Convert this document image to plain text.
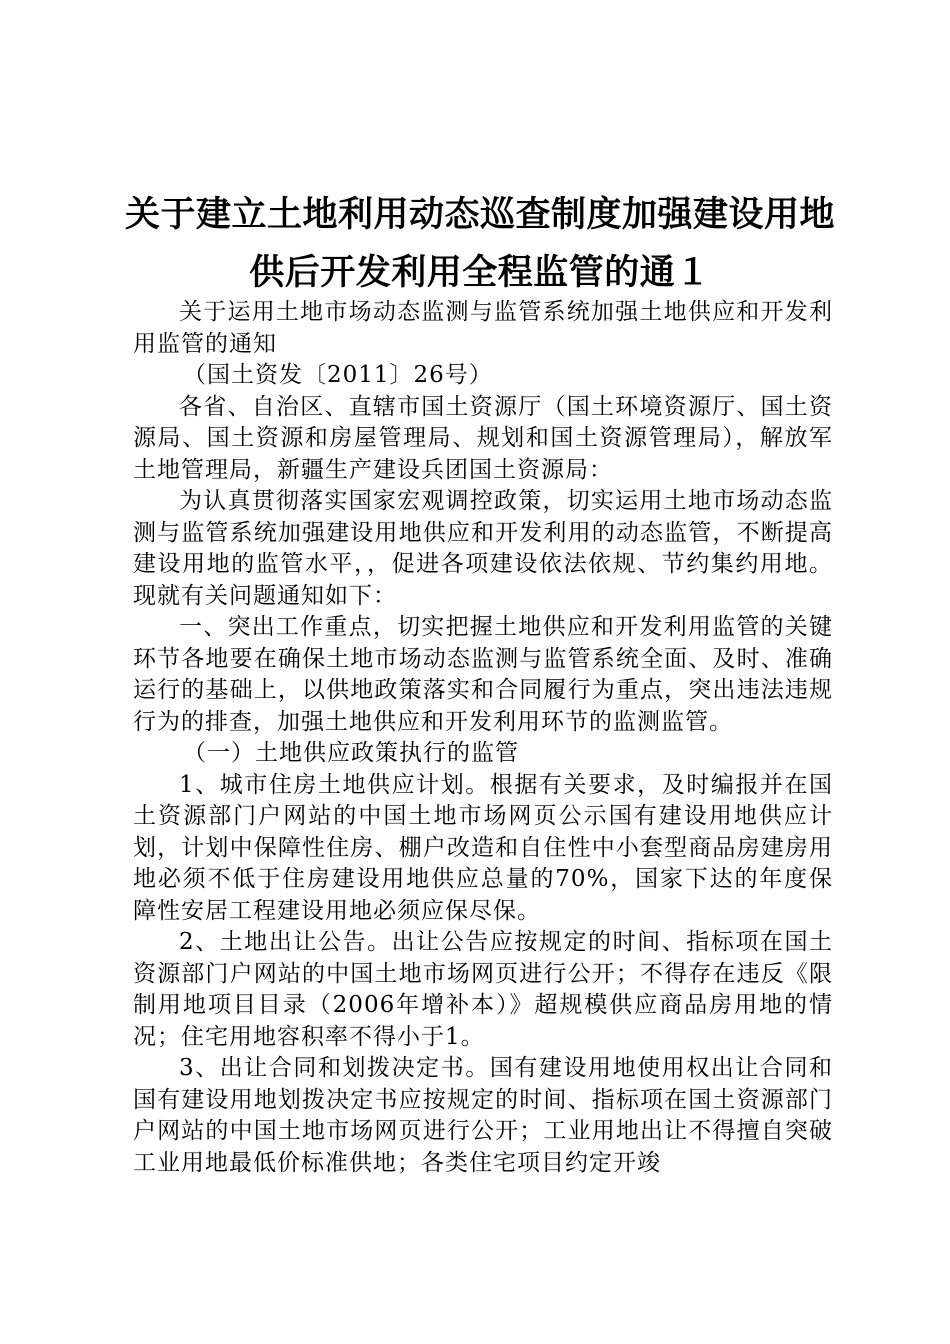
关于建立土地利用动态巡查制度加强建设用地
供后开发利用全程监管的通１

关于运用土地市场动态监测与监管系统加强土地供应和开发利用监管的通知

（国土资发〔2011〕26号）

各省、自治区、直辖市国土资源厅（国土环境资源厅、国土资源局、国土资源和房屋管理局、规划和国土资源管理局），解放军土地管理局，新疆生产建设兵团国土资源局：

为认真贯彻落实国家宏观调控政策，切实运用土地市场动态监测与监管系统加强建设用地供应和开发利用的动态监管，不断提高建设用地的监管水平，，促进各项建设依法依规、节约集约用地。现就有关问题通知如下：

一、突出工作重点，切实把握土地供应和开发利用监管的关键环节各地要在确保土地市场动态监测与监管系统全面、及时、准确运行的基础上，以供地政策落实和合同履行为重点，突出违法违规行为的排查，加强土地供应和开发利用环节的监测监管。

（一）土地供应政策执行的监管

1、城市住房土地供应计划。根据有关要求，及时编报并在国土资源部门户网站的中国土地市场网页公示国有建设用地供应计划，计划中保障性住房、棚户改造和自住性中小套型商品房建房用地必须不低于住房建设用地供应总量的70%，国家下达的年度保障性安居工程建设用地必须应保尽保。

2、土地出让公告。出让公告应按规定的时间、指标项在国土资源部门户网站的中国土地市场网页进行公开；不得存在违反《限制用地项目目录（2006年增补本）》超规模供应商品房用地的情况；住宅用地容积率不得小于1。

3、出让合同和划拨决定书。国有建设用地使用权出让合同和国有建设用地划拨决定书应按规定的时间、指标项在国土资源部门户网站的中国土地市场网页进行公开；工业用地出让不得擅自突破工业用地最低价标准供地；各类住宅项目约定开竣
